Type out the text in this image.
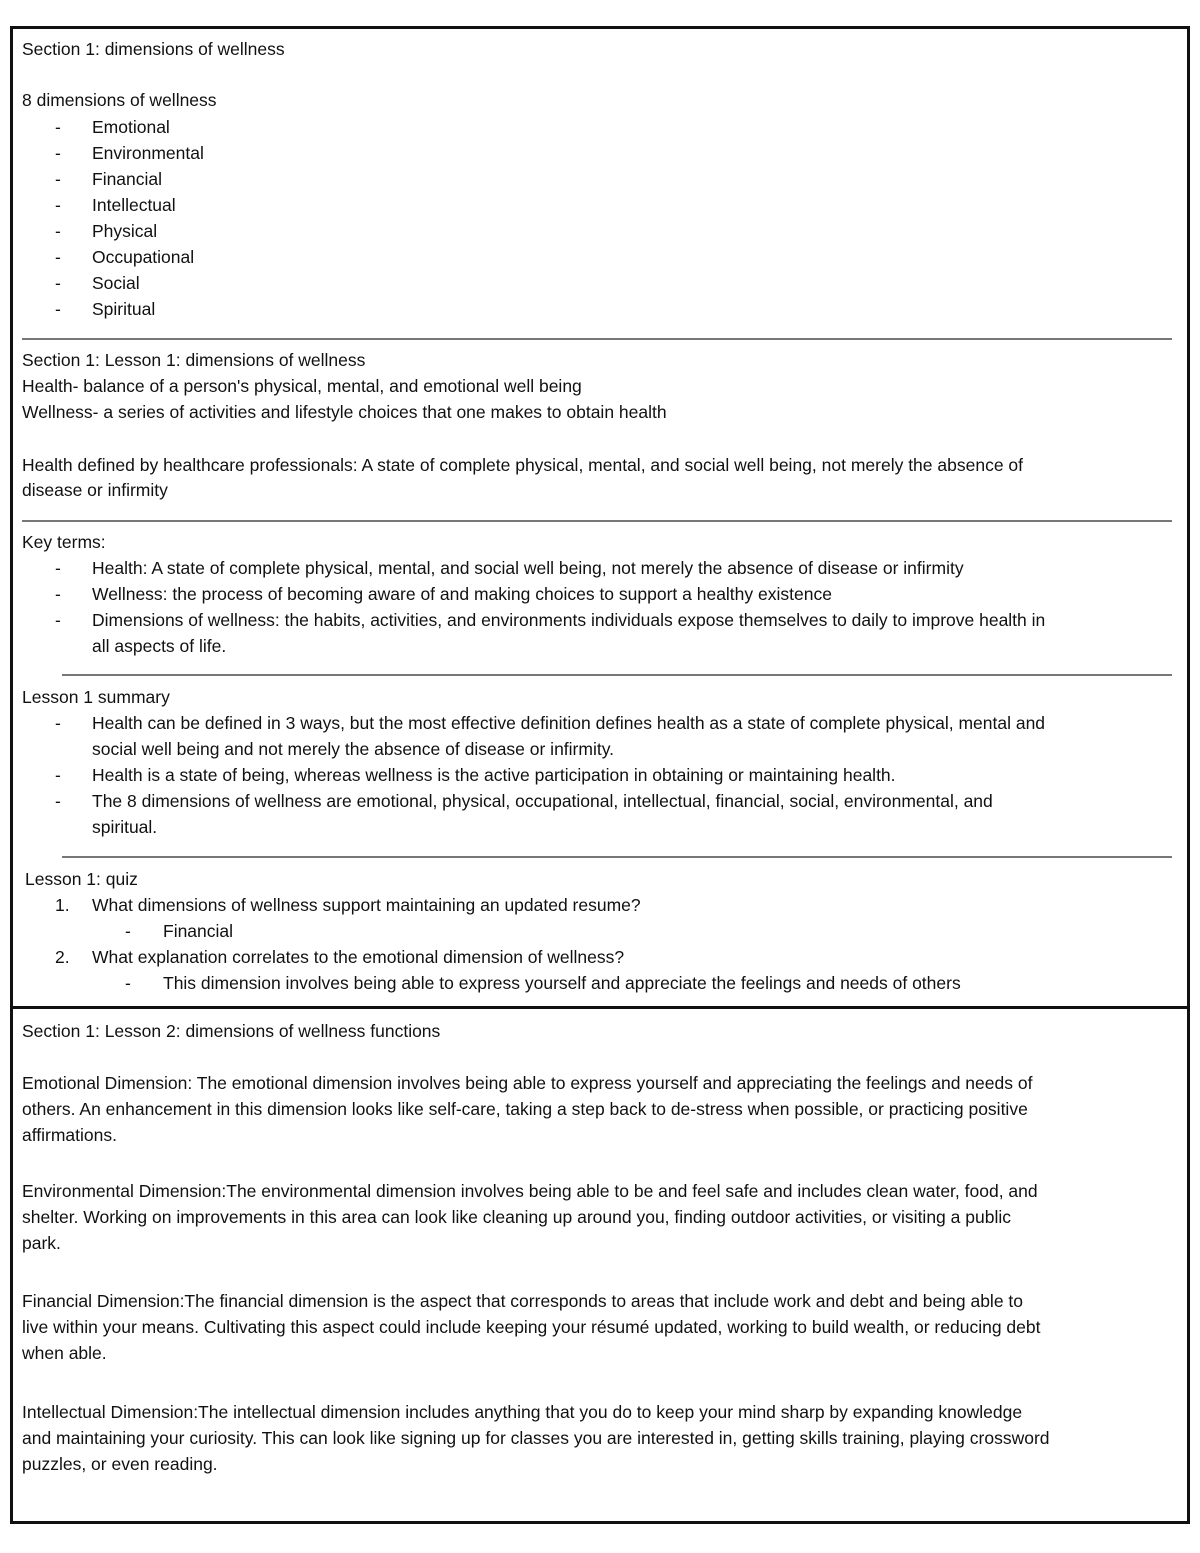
Section 1: dimensions of wellness
8 dimensions of wellness
-	Emotional
-	Environmental
-	Financial
-	Intellectual
-	Physical
-	Occupational
-	Social
-	Spiritual
Section 1: Lesson 1: dimensions of wellness
Health- balance of a person's physical, mental, and emotional well being
Wellness- a series of activities and lifestyle choices that one makes to obtain health
Health defined by healthcare professionals: A state of complete physical, mental, and social well being, not merely the absence of
disease or infirmity
Key terms:
-	Health: A state of complete physical, mental, and social well being, not merely the absence of disease or infirmity
-	Wellness: the process of becoming aware of and making choices to support a healthy existence
-	Dimensions of wellness: the habits, activities, and environments individuals expose themselves to daily to improve health in
all aspects of life.
Lesson 1 summary
-	Health can be defined in 3 ways, but the most effective definition defines health as a state of complete physical, mental and
social well being and not merely the absence of disease or infirmity.
-	Health is a state of being, whereas wellness is the active participation in obtaining or maintaining health.
-	The 8 dimensions of wellness are emotional, physical, occupational, intellectual, financial, social, environmental, and
spiritual.
Lesson 1: quiz
1.	What dimensions of wellness support maintaining an updated resume?
-	Financial
2.	What explanation correlates to the emotional dimension of wellness?
-	This dimension involves being able to express yourself and appreciate the feelings and needs of others
Section 1: Lesson 2: dimensions of wellness functions
Emotional Dimension: The emotional dimension involves being able to express yourself and appreciating the feelings and needs of
others. An enhancement in this dimension looks like self-care, taking a step back to de-stress when possible, or practicing positive
affirmations.
Environmental Dimension:The environmental dimension involves being able to be and feel safe and includes clean water, food, and
shelter. Working on improvements in this area can look like cleaning up around you, finding outdoor activities, or visiting a public
park.
Financial Dimension:The financial dimension is the aspect that corresponds to areas that include work and debt and being able to
live within your means. Cultivating this aspect could include keeping your résumé updated, working to build wealth, or reducing debt
when able.
Intellectual Dimension:The intellectual dimension includes anything that you do to keep your mind sharp by expanding knowledge
and maintaining your curiosity. This can look like signing up for classes you are interested in, getting skills training, playing crossword
puzzles, or even reading.
